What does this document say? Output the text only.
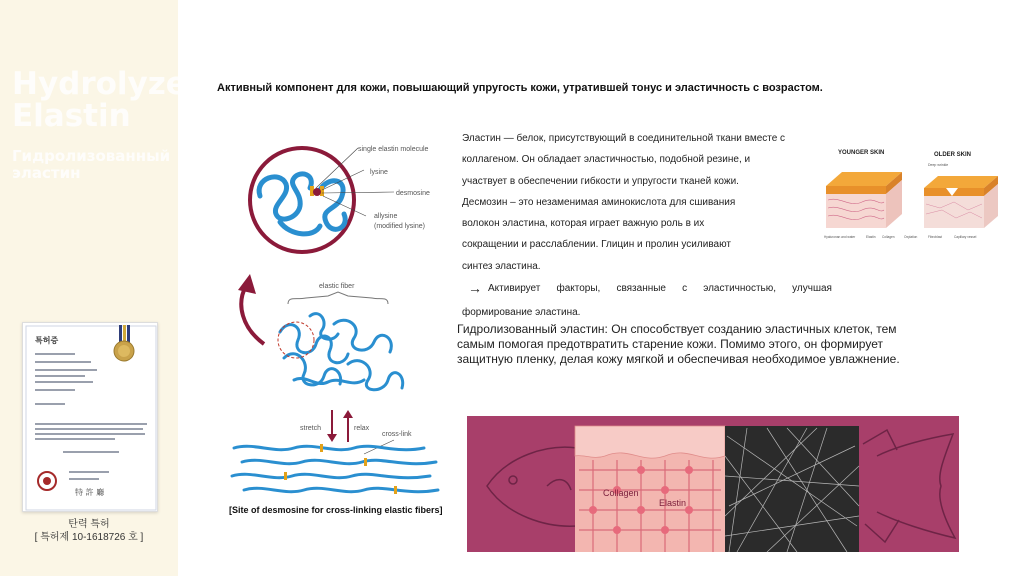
Hydrolyzed
Elastin
Гидролизованный
эластин
특허증
特 許 廳
탄력 특허
[ 특허제 10-1618726 호 ]
Активный компонент для кожи, повышающий упругость кожи, утратившей тонус и эластичность с возрастом.
single elastin molecule
lysine
desmosine
allysine
(modified lysine)
elastic fiber
stretch	relax
cross-link
[Site of desmosine for cross-linking elastic fibers]

Эластин — белок, присутствующий в соединительной ткани вместе с

коллагеном. Он обладает эластичностью, подобной резине, и

участвует в обеспечении гибкости и упругости тканей кожи.

Десмозин – это незаменимая аминокислота для сшивания

волокон эластина, которая играет важную роль в их

сокращении и расслаблении. Глицин и пролин усиливают

синтез эластина.

YOUNGER SKIN	OLDER SKIN
Deep wrinkle
Hyaluronan and water	Elastin Collagen	Oxylation	Fibroblast	Capillary vessel
→ Активирует факторы, связанные с эластичностью, улучшая
формирование эластина.

Гидролизованный эластин: Он способствует созданию эластичных клеток, тем

самым помогая предотвратить старение кожи. Помимо этого, он формирует

защитную пленку, делая кожу мягкой и обеспечивая необходимое увлажнение.

Collagen
Elastin
